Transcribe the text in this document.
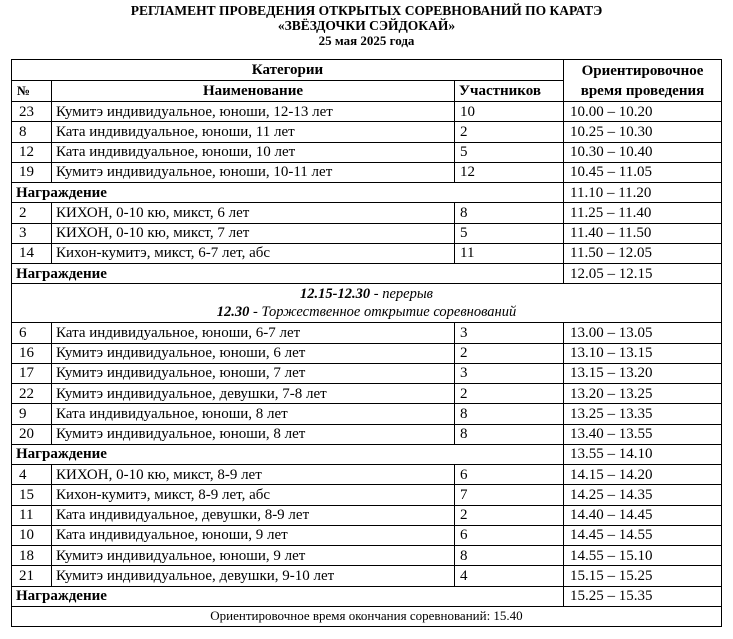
РЕГЛАМЕНТ ПРОВЕДЕНИЯ ОТКРЫТЫХ СОРЕВНОВАНИЙ ПО КАРАТЭ
«ЗВЁЗДОЧКИ СЭЙДОКАЙ»
25 мая 2025 года
Категории			Ориентировочное время проведения
№	Наименование	Участников	
23	Кумитэ индивидуальное, юноши, 12-13 лет	10	10.00 – 10.20
8	Ката индивидуальное, юноши, 11 лет	2	10.25 – 10.30
12	Ката индивидуальное, юноши, 10 лет	5	10.30 – 10.40
19	Кумитэ индивидуальное, юноши, 10-11 лет	12	10.45 – 11.05
Награждение			11.10 – 11.20
2	КИХОН, 0-10 кю, микст, 6 лет	8	11.25 – 11.40
3	КИХОН, 0-10 кю, микст, 7 лет	5	11.40 – 11.50
14	Кихон-кумитэ, микст, 6-7 лет, абс	11	11.50 – 12.05
Награждение			12.05 – 12.15

12.15-12.30 - перерыв
12.30 - Торжественное открытие соревнований			

6	Ката индивидуальное, юноши, 6-7 лет	3	13.00 – 13.05
16	Кумитэ индивидуальное, юноши, 6 лет	2	13.10 – 13.15
17	Кумитэ индивидуальное, юноши, 7 лет	3	13.15 – 13.20
22	Кумитэ индивидуальное, девушки, 7-8 лет	2	13.20 – 13.25
9	Ката индивидуальное, юноши, 8 лет	8	13.25 – 13.35
20	Кумитэ индивидуальное, юноши, 8 лет	8	13.40 – 13.55
Награждение			13.55 – 14.10
4	КИХОН, 0-10 кю, микст, 8-9 лет	6	14.15 – 14.20
15	Кихон-кумитэ, микст, 8-9 лет, абс	7	14.25 – 14.35
11	Ката индивидуальное, девушки, 8-9 лет	2	14.40 – 14.45
10	Ката индивидуальное, юноши, 9 лет	6	14.45 – 14.55
18	Кумитэ индивидуальное, юноши, 9 лет	8	14.55 – 15.10
21	Кумитэ индивидуальное, девушки, 9-10 лет	4	15.15 – 15.25
Награждение			15.25 – 15.35
Ориентировочное время окончания соревнований: 15.40			
